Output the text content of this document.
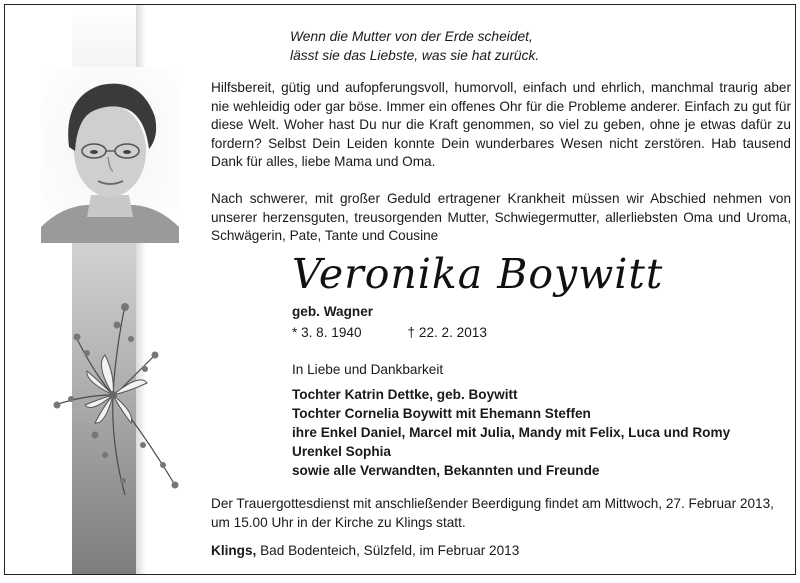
Wenn die Mutter von der Erde scheidet,
lässt sie das Liebste, was sie hat zurück.
Hilfsbereit, gütig und aufopferungsvoll, humorvoll, einfach und ehrlich, manchmal traurig aber nie wehleidig oder gar böse. Immer ein offenes Ohr für die Probleme anderer. Einfach zu gut für diese Welt. Woher hast Du nur die Kraft genommen, so viel zu geben, ohne je etwas dafür zu fordern? Selbst Dein Leiden konnte Dein wunderbares Wesen nicht zerstören. Hab tausend Dank für alles, liebe Mama und Oma.
Nach schwerer, mit großer Geduld ertragener Krankheit müssen wir Abschied nehmen von unserer herzensguten, treusorgenden Mutter, Schwiegermutter, allerliebsten Oma und Uroma, Schwägerin, Pate, Tante und Cousine
Veronika Boywitt
geb. Wagner
* 3. 8. 1940	† 22. 2. 2013
In Liebe und Dankbarkeit
Tochter Katrin Dettke, geb. Boywitt
Tochter Cornelia Boywitt mit Ehemann Steffen
ihre Enkel Daniel, Marcel mit Julia, Mandy mit Felix, Luca und Romy
Urenkel Sophia
sowie alle Verwandten, Bekannten und Freunde
Der Trauergottesdienst mit anschließender Beerdigung findet am Mittwoch, 27. Februar 2013, um 15.00 Uhr in der Kirche zu Klings statt.
Klings, Bad Bodenteich, Sülzfeld, im Februar 2013
